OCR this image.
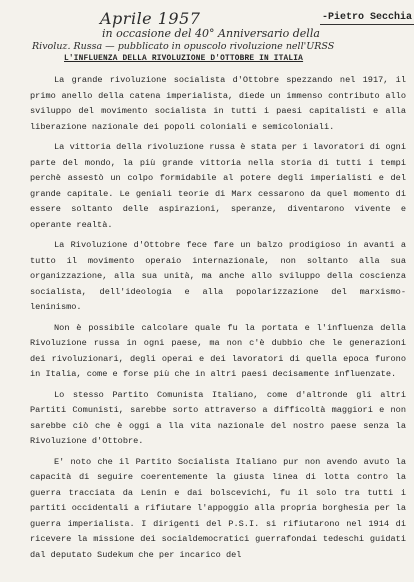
Aprile 1957
in occasione del 40° Anniversario della
Rivoluz. Russa — pubblicato in opuscolo rivoluzione nell'URSS
-Pietro Secchia
L'INFLUENZA DELLA RIVOLUZIONE D'OTTOBRE IN ITALIA

La grande rivoluzione socialista d'Ottobre spezzando nel 1917, il primo anello della catena imperialista, diede un immenso contributo allo sviluppo del movimento socialista in tutti i paesi capitalisti e alla liberazione nazionale dei popoli coloniali e semicoloniali.

La vittoria della rivoluzione russa è stata per i lavoratori di ogni parte del mondo, la più grande vittoria nella storia di tutti i tempi perchè assestò un colpo formidabile al potere degli imperialisti e del grande capitale. Le geniali teorie di Marx cessarono da quel momento di essere soltanto delle aspirazioni, speranze, diventarono vivente e operante realtà.

La Rivoluzione d'Ottobre fece fare un balzo prodigioso in avanti a tutto il movimento operaio internazionale, non soltanto alla sua organizzazione, alla sua unità, ma anche allo sviluppo della coscienza socialista, dell'ideologia e alla popolarizzazione del marxismo-leninismo.

Non è possibile calcolare quale fu la portata e l'influenza della Rivoluzione russa in ogni paese, ma non c'è dubbio che le generazioni dei rivoluzionari, degli operai e dei lavoratori di quella epoca furono in Italia, come e forse più che in altri paesi decisamente influenzate.

Lo stesso Partito Comunista Italiano, come d'altronde gli altri Partiti Comunisti, sarebbe sorto attraverso a difficoltà maggiori e non sarebbe ciò che è oggi a lla vita nazionale del nostro paese senza la Rivoluzione d'Ottobre.

E' noto che il Partito Socialista Italiano pur non avendo avuto la capacità di seguire coerentemente la giusta linea di lotta contro la guerra tracciata da Lenin e dai bolscevichi, fu il solo tra tutti i partiti occidentali a rifiutare l'appoggio alla propria borghesia per la guerra imperialista. I dirigenti del P.S.I. si rifiutarono nel 1914 di ricevere la missione dei socialdemocratici guerrafondai tedeschi guidati dal deputato Sudekum che per incarico del
